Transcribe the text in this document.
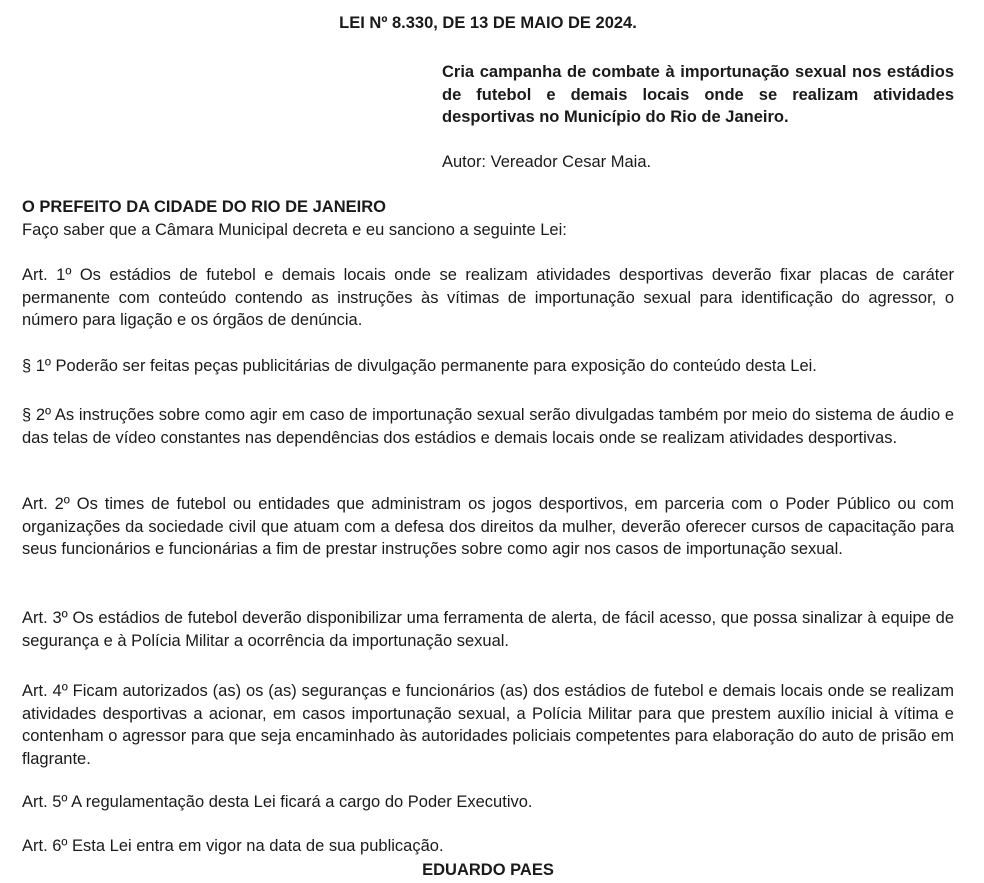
LEI Nº 8.330, DE 13 DE MAIO DE 2024.

Cria campanha de combate à importunação sexual nos estádios de futebol e demais locais onde se realizam atividades desportivas no Município do Rio de Janeiro.

Autor: Vereador Cesar Maia.

O PREFEITO DA CIDADE DO RIO DE JANEIRO

Faço saber que a Câmara Municipal decreta e eu sanciono a seguinte Lei:

Art. 1º Os estádios de futebol e demais locais onde se realizam atividades desportivas deverão fixar placas de caráter permanente com conteúdo contendo as instruções às vítimas de importunação sexual para identificação do agressor, o número para ligação e os órgãos de denúncia.

§ 1º Poderão ser feitas peças publicitárias de divulgação permanente para exposição do conteúdo desta Lei.

§ 2º As instruções sobre como agir em caso de importunação sexual serão divulgadas também por meio do sistema de áudio e das telas de vídeo constantes nas dependências dos estádios e demais locais onde se realizam atividades desportivas.

Art. 2º Os times de futebol ou entidades que administram os jogos desportivos, em parceria com o Poder Público ou com organizações da sociedade civil que atuam com a defesa dos direitos da mulher, deverão oferecer cursos de capacitação para seus funcionários e funcionárias a fim de prestar instruções sobre como agir nos casos de importunação sexual.

Art. 3º Os estádios de futebol deverão disponibilizar uma ferramenta de alerta, de fácil acesso, que possa sinalizar à equipe de segurança e à Polícia Militar a ocorrência da importunação sexual.

Art. 4º Ficam autorizados (as) os (as) seguranças e funcionários (as) dos estádios de futebol e demais locais onde se realizam atividades desportivas a acionar, em casos importunação sexual, a Polícia Militar para que prestem auxílio inicial à vítima e contenham o agressor para que seja encaminhado às autoridades policiais competentes para elaboração do auto de prisão em flagrante.

Art. 5º A regulamentação desta Lei ficará a cargo do Poder Executivo.

Art. 6º Esta Lei entra em vigor na data de sua publicação.

EDUARDO PAES
